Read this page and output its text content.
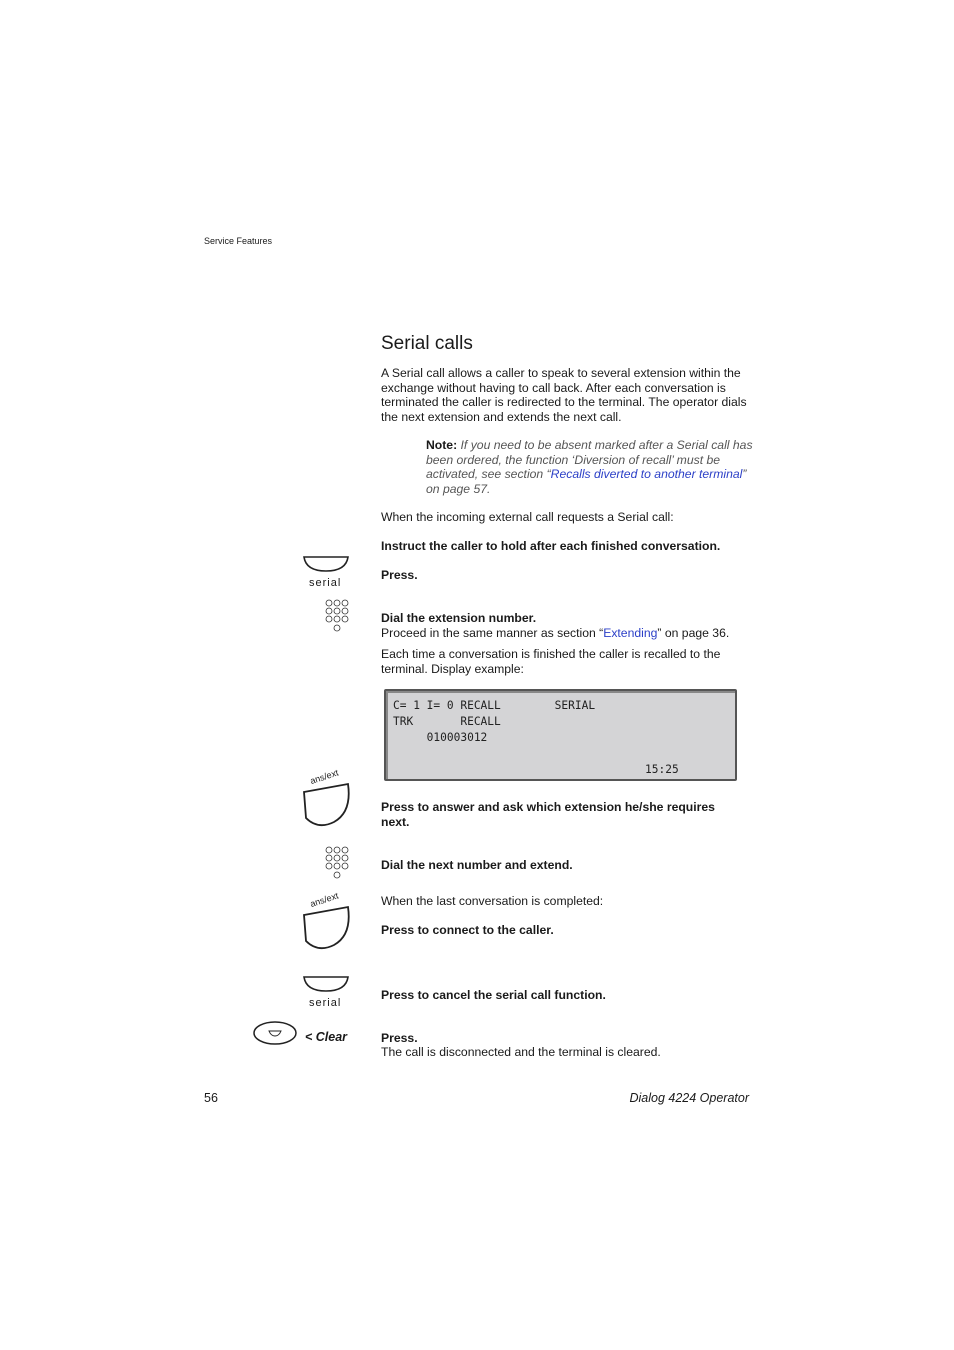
Service Features
Serial calls
A Serial call allows a caller to speak to several extension within the exchange without having to call back. After each conversation is terminated the caller is redirected to the terminal. The operator dials the next extension and extends the next call.
Note: If you need to be absent marked after a Serial call has been ordered, the function ‘Diversion of recall’ must be activated, see section “Recalls diverted to another terminal” on page 57.
When the incoming external call requests a Serial call:
Instruct the caller to hold after each finished conversation.
serial
Press.
Dial the extension number.
Proceed in the same manner as section “Extending” on page 36.
Each time a conversation is finished the caller is recalled to the terminal. Display example:
C= 1 I= 0 RECALL        SERIAL
TRK       RECALL
010003012
15:25
ans/ext
Press to answer and ask which extension he/she requires next.
Dial the next number and extend.
When the last conversation is completed:
ans/ext
Press to connect to the caller.
serial
Press to cancel the serial call function.
< Clear	Press.
The call is disconnected and the terminal is cleared.
56	Dialog 4224 Operator
